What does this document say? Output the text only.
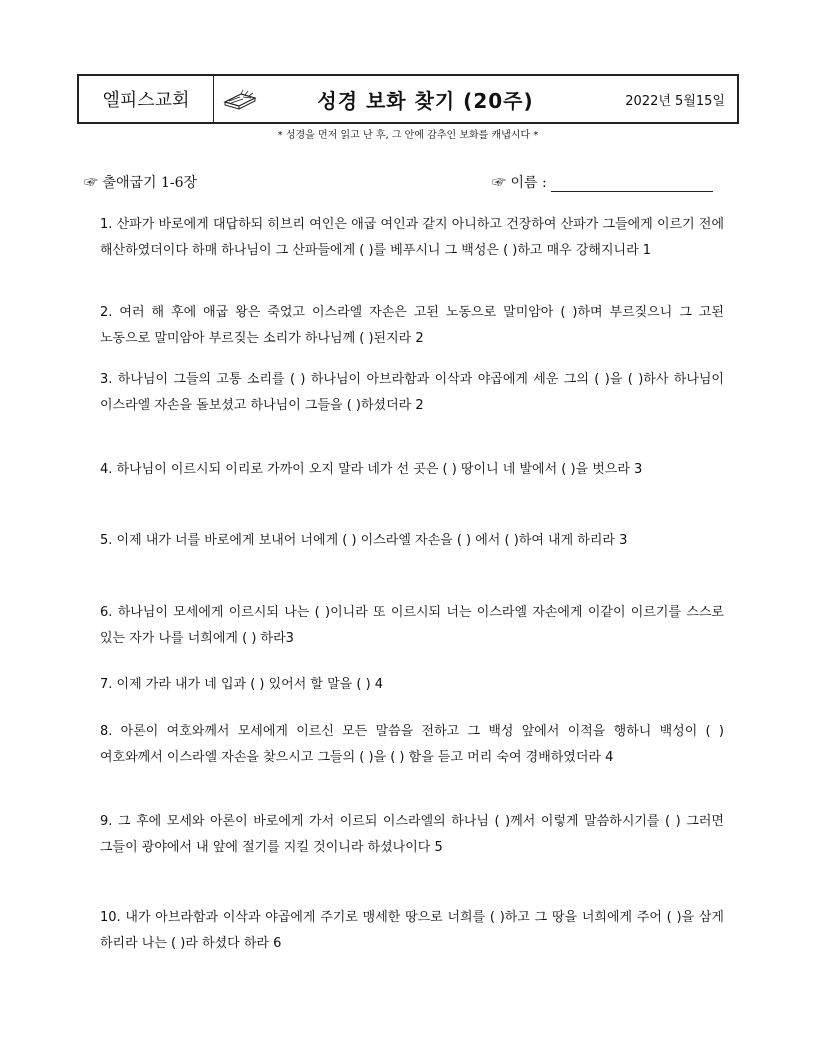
엘피스교회	성경 보화 찾기 (20주)	2022년 5월15일
* 성경을 먼저 읽고 난 후, 그 안에 감추인 보화를 캐냅시다 *
☞ 출애굽기 1-6장	☞ 이름 :

1. 산파가 바로에게 대답하되 히브리 여인은 애굽 여인과 같지 아니하고 건장하여 산파가 그들에게 이르기 전에 해산하였더이다 하매 하나님이 그 산파들에게 ( )를 베푸시니 그 백성은 ( )하고 매우 강해지니라 1

2. 여러 해 후에 애굽 왕은 죽었고 이스라엘 자손은 고된 노동으로 말미암아 ( )하며 부르짖으니 그 고된 노동으로 말미암아 부르짖는 소리가 하나님께 ( )된지라 2

3. 하나님이 그들의 고통 소리를 ( ) 하나님이 아브라함과 이삭과 야곱에게 세운 그의 ( )을 ( )하사 하나님이 이스라엘 자손을 돌보셨고 하나님이 그들을 ( )하셨더라 2

4. 하나님이 이르시되 이리로 가까이 오지 말라 네가 선 곳은 ( ) 땅이니 네 발에서 ( )을 벗으라 3

5. 이제 내가 너를 바로에게 보내어 너에게 ( ) 이스라엘 자손을 ( ) 에서 ( )하여 내게 하리라 3

6. 하나님이 모세에게 이르시되 나는 ( )이니라 또 이르시되 너는 이스라엘 자손에게 이같이 이르기를 스스로 있는 자가 나를 너희에게 ( ) 하라3

7. 이제 가라 내가 네 입과 ( ) 있어서 할 말을 ( ) 4

8. 아론이 여호와께서 모세에게 이르신 모든 말씀을 전하고 그 백성 앞에서 이적을 행하니 백성이 ( ) 여호와께서 이스라엘 자손을 찾으시고 그들의 ( )을 ( ) 함을 듣고 머리 숙여 경배하였더라 4

9. 그 후에 모세와 아론이 바로에게 가서 이르되 이스라엘의 하나님 ( )께서 이렇게 말씀하시기를 ( ) 그러면 그들이 광야에서 내 앞에 절기를 지킬 것이니라 하셨나이다 5

10. 내가 아브라함과 이삭과 야곱에게 주기로 맹세한 땅으로 너희를 ( )하고 그 땅을 너희에게 주어 ( )을 삼게 하리라 나는 ( )라 하셨다 하라 6
